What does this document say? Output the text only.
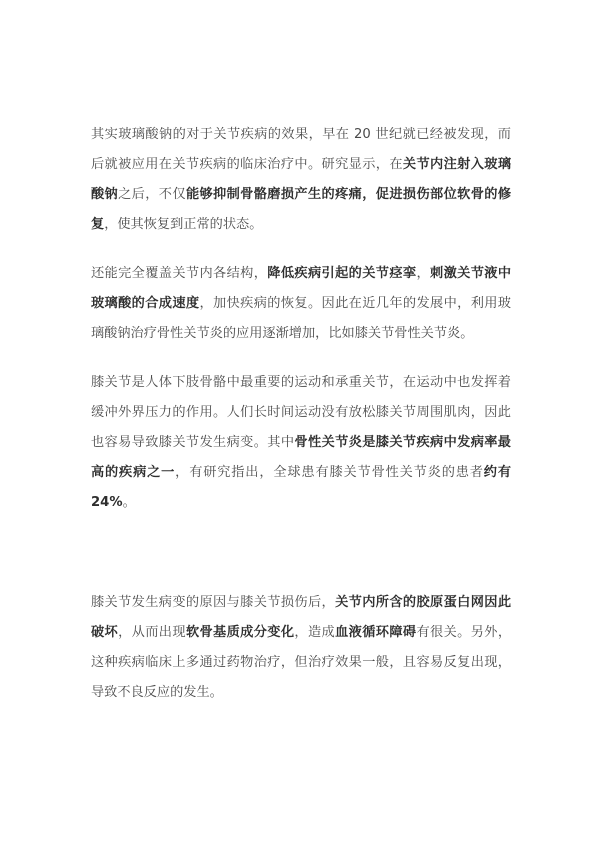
其实玻璃酸钠的对于关节疾病的效果，早在 20 世纪就已经被发现，而后就被应用在关节疾病的临床治疗中。研究显示，在关节内注射入玻璃酸钠之后，不仅能够抑制骨骼磨损产生的疼痛，促进损伤部位软骨的修复，使其恢复到正常的状态。

还能完全覆盖关节内各结构，降低疾病引起的关节痉挛，刺激关节液中玻璃酸的合成速度，加快疾病的恢复。因此在近几年的发展中，利用玻璃酸钠治疗骨性关节炎的应用逐渐增加，比如膝关节骨性关节炎。

膝关节是人体下肢骨骼中最重要的运动和承重关节，在运动中也发挥着缓冲外界压力的作用。人们长时间运动没有放松膝关节周围肌肉，因此也容易导致膝关节发生病变。其中骨性关节炎是膝关节疾病中发病率最高的疾病之一，有研究指出，全球患有膝关节骨性关节炎的患者约有 24%。

膝关节发生病变的原因与膝关节损伤后，关节内所含的胶原蛋白网因此破坏，从而出现软骨基质成分变化，造成血液循环障碍有很关。另外，这种疾病临床上多通过药物治疗，但治疗效果一般，且容易反复出现，导致不良反应的发生。
